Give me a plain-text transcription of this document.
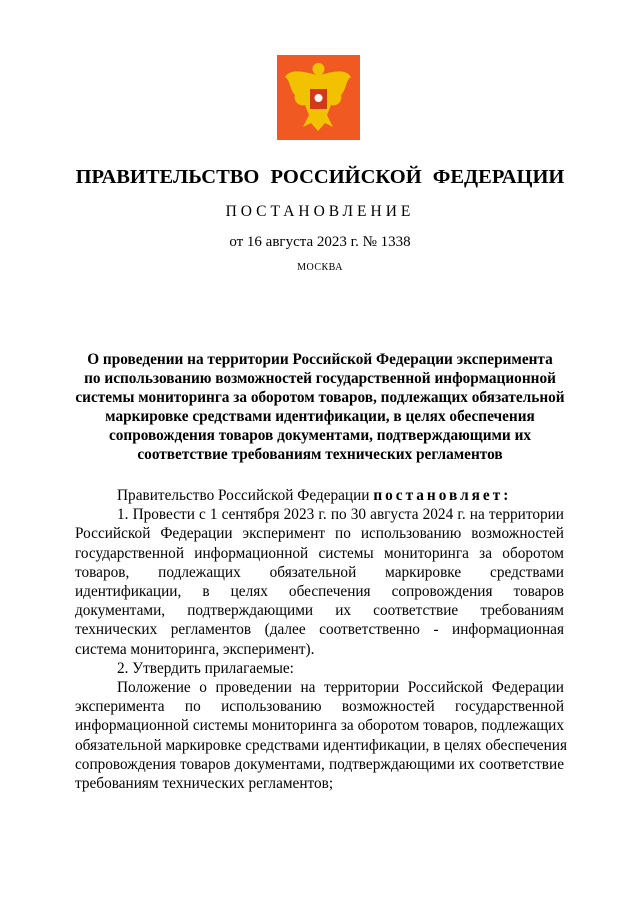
ПРАВИТЕЛЬСТВО РОССИЙСКОЙ ФЕДЕРАЦИИ
ПОСТАНОВЛЕНИЕ
от 16 августа 2023 г. № 1338
МОСКВА
О проведении на территории Российской Федерации эксперимента
по использованию возможностей государственной информационной
системы мониторинга за оборотом товаров, подлежащих обязательной
маркировке средствами идентификации, в целях обеспечения
сопровождения товаров документами, подтверждающими их
соответствие требованиям технических регламентов
Правительство Российской Федерации постановляет:
1. Провести с 1 сентября 2023 г. по 30 августа 2024 г. на территории
Российской Федерации эксперимент по использованию возможностей
государственной информационной системы мониторинга за оборотом
товаров, подлежащих обязательной маркировке средствами
идентификации, в целях обеспечения сопровождения товаров
документами, подтверждающими их соответствие требованиям
технических регламентов (далее соответственно - информационная
система мониторинга, эксперимент).
2. Утвердить прилагаемые:
Положение о проведении на территории Российской Федерации
эксперимента по использованию возможностей государственной
информационной системы мониторинга за оборотом товаров, подлежащих
обязательной маркировке средствами идентификации, в целях обеспечения
сопровождения товаров документами, подтверждающими их соответствие
требованиям технических регламентов;
